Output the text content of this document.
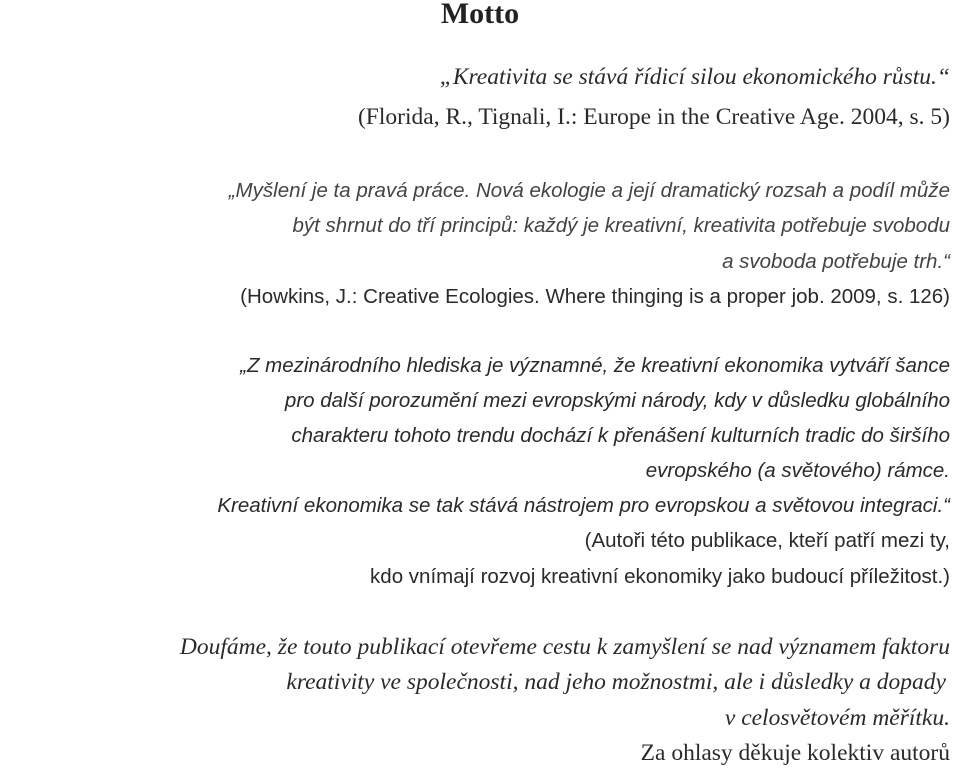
Motto
„Kreativita se stává řídicí silou ekonomického růstu.“
(Florida, R., Tignali, I.: Europe in the Creative Age. 2004, s. 5)
„Myšlení je ta pravá práce. Nová ekologie a její dramatický rozsah a podíl může
být shrnut do tří principů: každý je kreativní, kreativita potřebuje svobodu
a svoboda potřebuje trh.“
(Howkins, J.: Creative Ecologies. Where thinging is a proper job. 2009, s. 126)
„Z mezinárodního hlediska je významné, že kreativní ekonomika vytváří šance
pro další porozumění mezi evropskými národy, kdy v důsledku globálního
charakteru tohoto trendu dochází k přenášení kulturních tradic do širšího
evropského (a světového) rámce.
Kreativní ekonomika se tak stává nástrojem pro evropskou a světovou integraci.“
(Autoři této publikace, kteří patří mezi ty,
kdo vnímají rozvoj kreativní ekonomiky jako budoucí příležitost.)
Doufáme, že touto publikací otevřeme cestu k zamyšlení se nad významem faktoru
kreativity ve společnosti, nad jeho možnostmi, ale i důsledky a dopady
v celosvětovém měřítku.
Za ohlasy děkuje kolektiv autorů
